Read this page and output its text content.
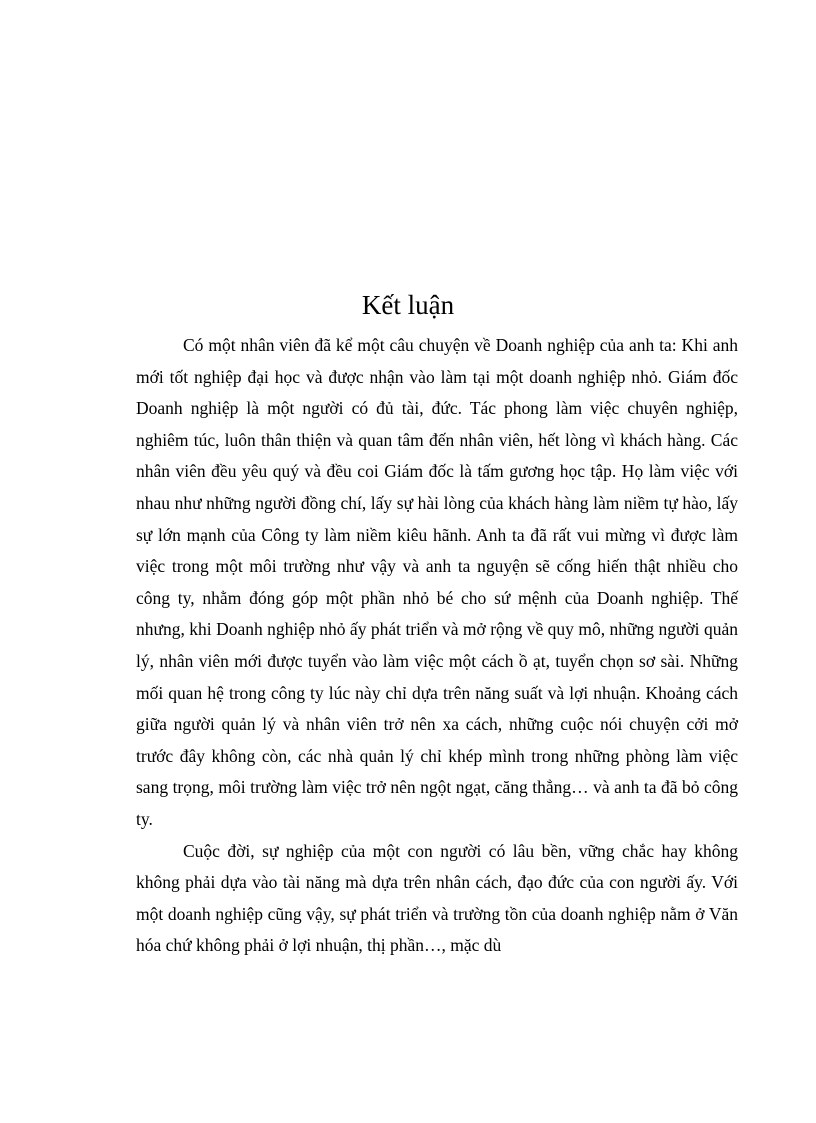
Kết luận

Có một nhân viên đã kể một câu chuyện về Doanh nghiệp của anh ta: Khi anh mới tốt nghiệp đại học và được nhận vào làm tại một doanh nghiệp nhỏ. Giám đốc Doanh nghiệp là một người có đủ tài, đức. Tác phong làm việc chuyên nghiệp, nghiêm túc, luôn thân thiện và quan tâm đến nhân viên, hết lòng vì khách hàng. Các nhân viên đều yêu quý và đều coi Giám đốc là tấm gương học tập. Họ làm việc với nhau như những người đồng chí, lấy sự hài lòng của khách hàng làm niềm tự hào, lấy sự lớn mạnh của Công ty làm niềm kiêu hãnh. Anh ta đã rất vui mừng vì được làm việc trong một môi trường như vậy và anh ta nguyện sẽ cống hiến thật nhiều cho công ty, nhằm đóng góp một phần nhỏ bé cho sứ mệnh của Doanh nghiệp. Thế nhưng, khi Doanh nghiệp nhỏ ấy phát triển và mở rộng về quy mô, những người quản lý, nhân viên mới được tuyển vào làm việc một cách ồ ạt, tuyển chọn sơ sài. Những mối quan hệ trong công ty lúc này chỉ dựa trên năng suất và lợi nhuận. Khoảng cách giữa người quản lý và nhân viên trở nên xa cách, những cuộc nói chuyện cởi mở trước đây không còn, các nhà quản lý chỉ khép mình trong những phòng làm việc sang trọng, môi trường làm việc trở nên ngột ngạt, căng thẳng… và anh ta đã bỏ công ty.

Cuộc đời, sự nghiệp của một con người có lâu bền, vững chắc hay không không phải dựa vào tài năng mà dựa trên nhân cách, đạo đức của con người ấy. Với một doanh nghiệp cũng vậy, sự phát triển và trường tồn của doanh nghiệp nằm ở Văn hóa chứ không phải ở lợi nhuận, thị phần…, mặc dù
